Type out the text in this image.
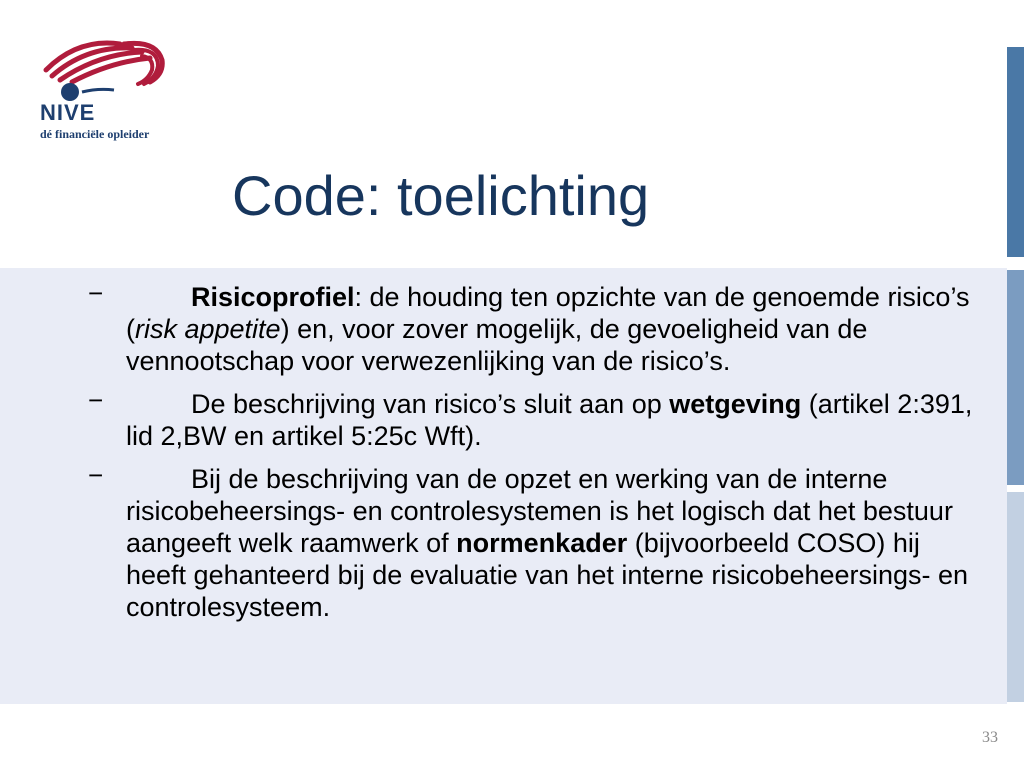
NIVE
dé financiële opleider
Code: toelichting
−	Risicoprofiel: de houding ten opzichte van de genoemde risico’s (risk appetite) en, voor zover mogelijk, de gevoeligheid van de vennootschap voor verwezenlijking van de risico’s.
−	De beschrijving van risico’s sluit aan op wetgeving (artikel 2:391, lid 2,BW en artikel 5:25c Wft).
−	Bij de beschrijving van de opzet en werking van de interne risicobeheersings- en controlesystemen is het logisch dat het bestuur aangeeft welk raamwerk of normenkader (bijvoorbeeld COSO) hij heeft gehanteerd bij de evaluatie van het interne risicobeheersings- en controlesysteem.
33
